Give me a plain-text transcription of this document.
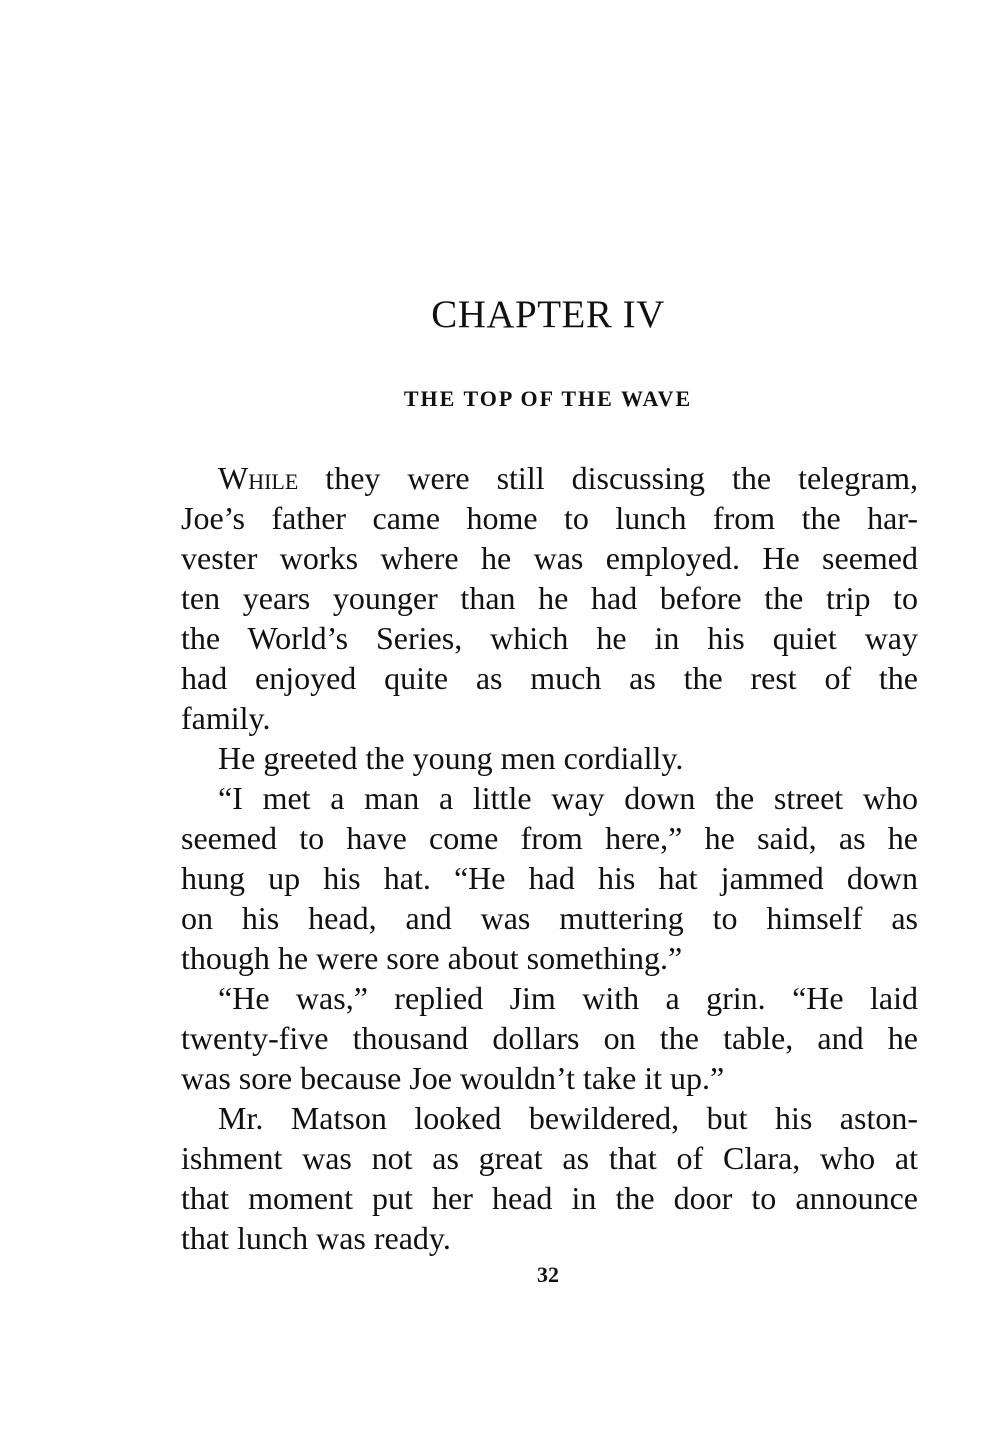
CHAPTER IV
THE TOP OF THE WAVE
While they were still discussing the telegram,
Joe’s father came home to lunch from the har-
vester works where he was employed. He seemed
ten years younger than he had before the trip to
the World’s Series, which he in his quiet way
had enjoyed quite as much as the rest of the
family.
He greeted the young men cordially.
“I met a man a little way down the street who
seemed to have come from here,” he said, as he
hung up his hat. “He had his hat jammed down
on his head, and was muttering to himself as
though he were sore about something.”
“He was,” replied Jim with a grin. “He laid
twenty-five thousand dollars on the table, and he
was sore because Joe wouldn’t take it up.”
Mr. Matson looked bewildered, but his aston-
ishment was not as great as that of Clara, who at
that moment put her head in the door to announce
that lunch was ready.
32
